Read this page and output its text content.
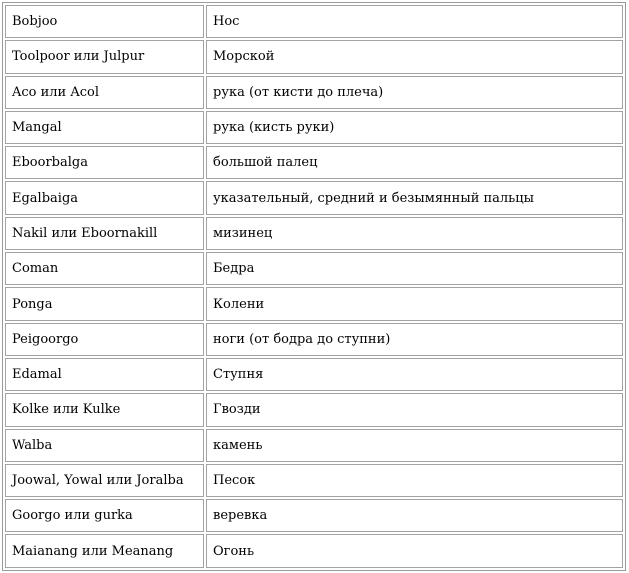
Bobjoo	Нос
Toolpoor или Julpur	Морской
Aco или Acol	рука (от кисти до плеча)
Mangal	рука (кисть руки)
Eboorbalga	большой палец
Egalbaiga	указательный, средний и безымянный пальцы
Nakil или Eboornakill	мизинец
Coman	Бедра
Ponga	Колени
Peigoorgo	ноги (от бодра до ступни)
Edamal	Ступня
Kolke или Kulke	Гвозди
Walba	камень
Joowal, Yowal или Joralba	Песок
Goorgo или gurka	веревка
Maianang или Meanang	Огонь
